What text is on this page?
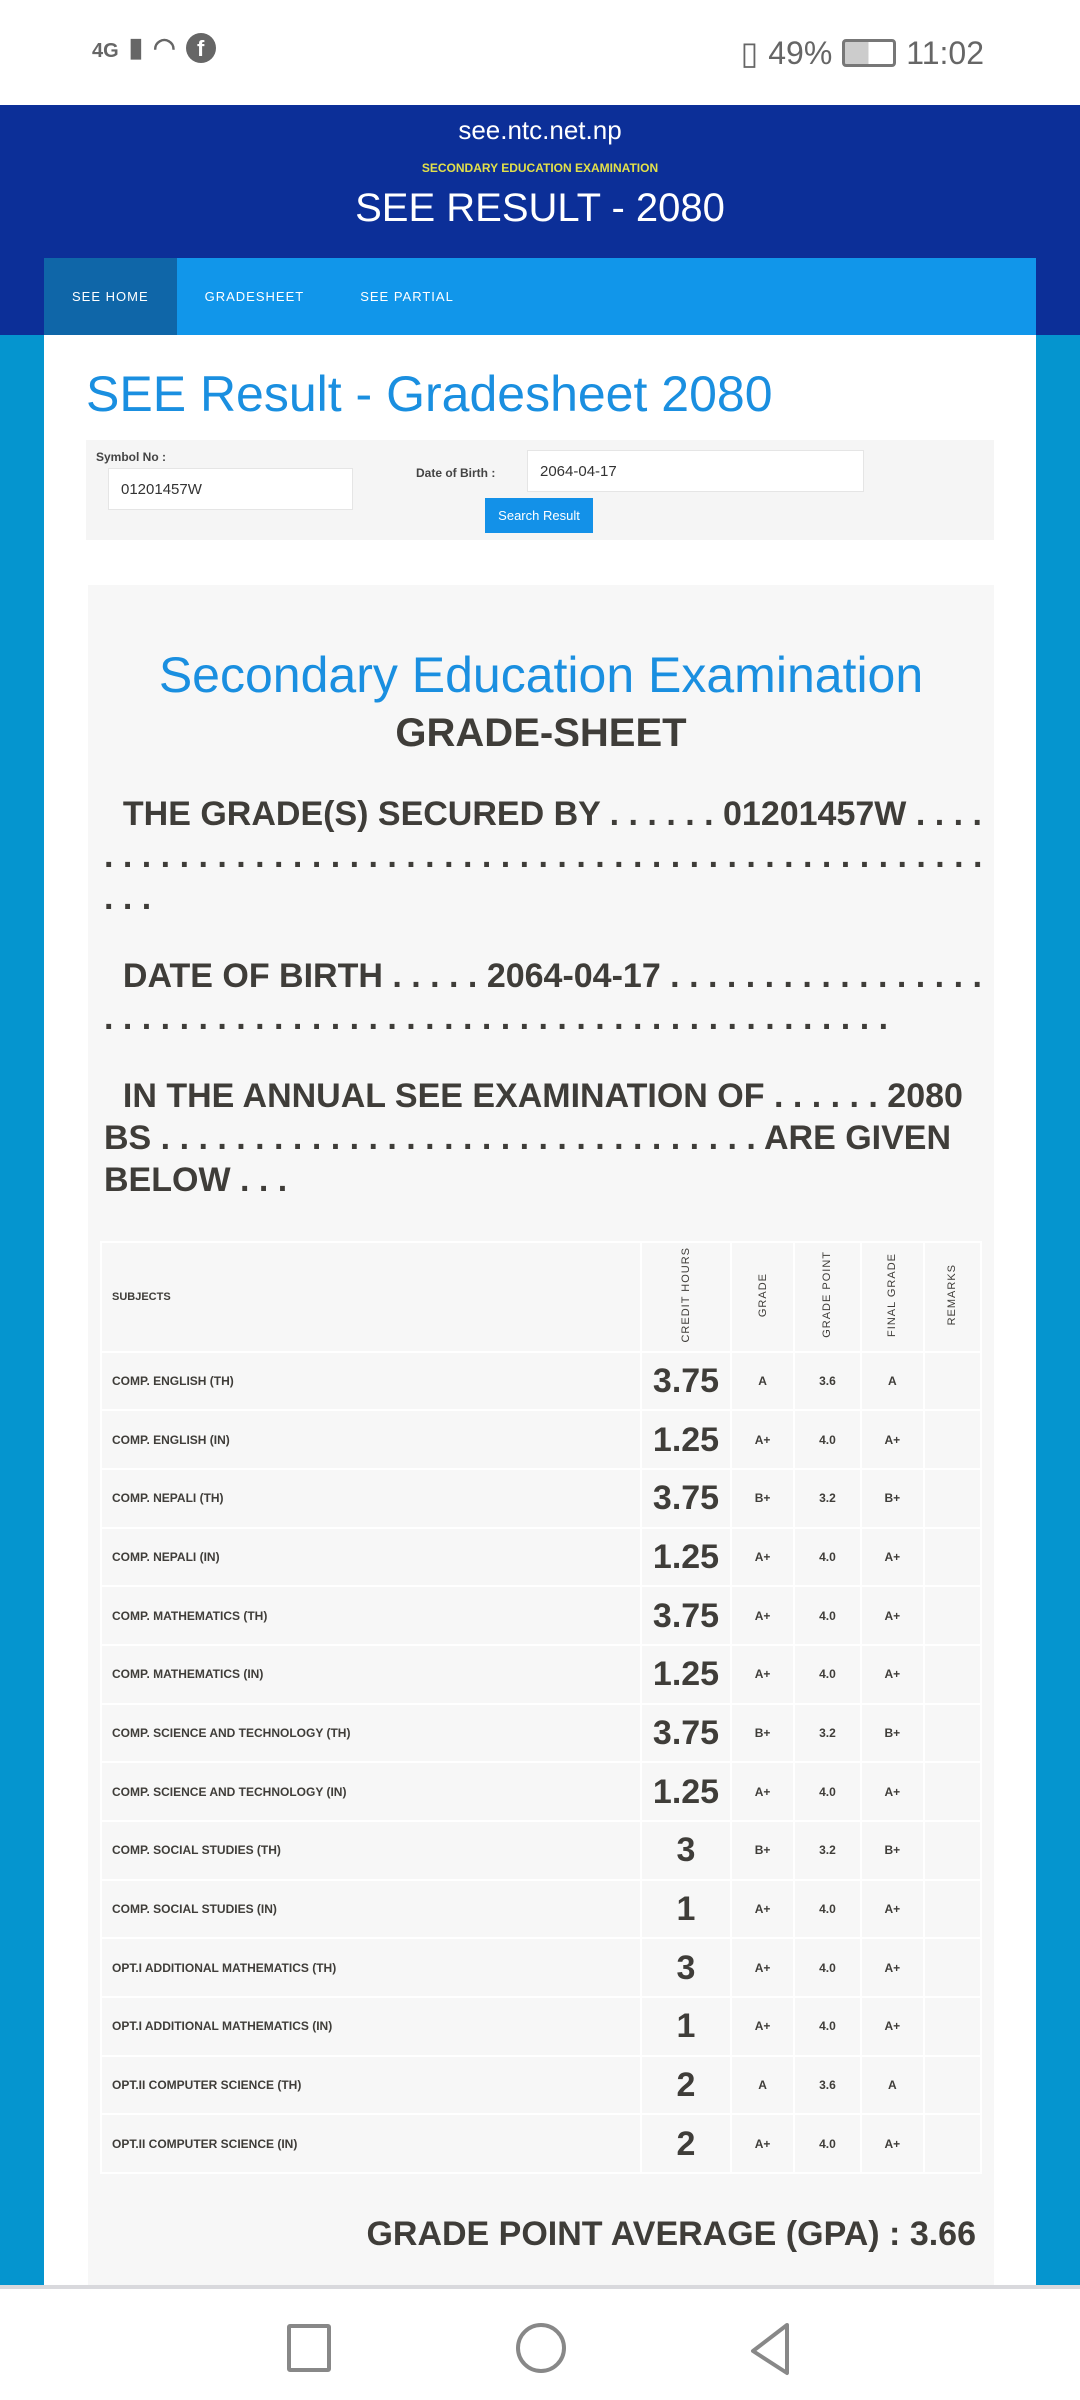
4G ▮ ◠ f	▯ 49% 11:02
see.ntc.net.np
SECONDARY EDUCATION EXAMINATION
SEE RESULT - 2080
SEE HOME	GRADESHEET	SEE PARTIAL
SEE Result - Gradesheet 2080
Symbol No :
01201457W
Date of Birth :	2064-04-17
Search Result
Secondary Education Examination
GRADE-SHEET
THE GRADE(S) SECURED BY . . . . . . 01201457W . . . . . . . . . . . . . . . . . . . . . . . . . . . . . . . . . . . . . . . . . . . . . . . . . . . . . .
DATE OF BIRTH . . . . . 2064-04-17 . . . . . . . . . . . . . . . . . . . . . . . . . . . . . . . . . . . . . . . . . . . . . . . . . . . . . . . . . . .
IN THE ANNUAL SEE EXAMINATION OF . . . . . . 2080 BS . . . . . . . . . . . . . . . . . . . . . . . . . . . . . . . . ARE GIVEN BELOW . . .
SUBJECTS	CREDIT HOURS	GRADE	GRADE POINT	FINAL GRADE	REMARKS
COMP. ENGLISH (TH)	3.75	A	3.6	A	
COMP. ENGLISH (IN)	1.25	A+	4.0	A+	
COMP. NEPALI (TH)	3.75	B+	3.2	B+	
COMP. NEPALI (IN)	1.25	A+	4.0	A+	
COMP. MATHEMATICS (TH)	3.75	A+	4.0	A+	
COMP. MATHEMATICS (IN)	1.25	A+	4.0	A+	
COMP. SCIENCE AND TECHNOLOGY (TH)	3.75	B+	3.2	B+	
COMP. SCIENCE AND TECHNOLOGY (IN)	1.25	A+	4.0	A+	
COMP. SOCIAL STUDIES (TH)	3	B+	3.2	B+	
COMP. SOCIAL STUDIES (IN)	1	A+	4.0	A+	
OPT.I ADDITIONAL MATHEMATICS (TH)	3	A+	4.0	A+	
OPT.I ADDITIONAL MATHEMATICS (IN)	1	A+	4.0	A+	
OPT.II COMPUTER SCIENCE (TH)	2	A	3.6	A	
OPT.II COMPUTER SCIENCE (IN)	2	A+	4.0	A+	
GRADE POINT AVERAGE (GPA) : 3.66
